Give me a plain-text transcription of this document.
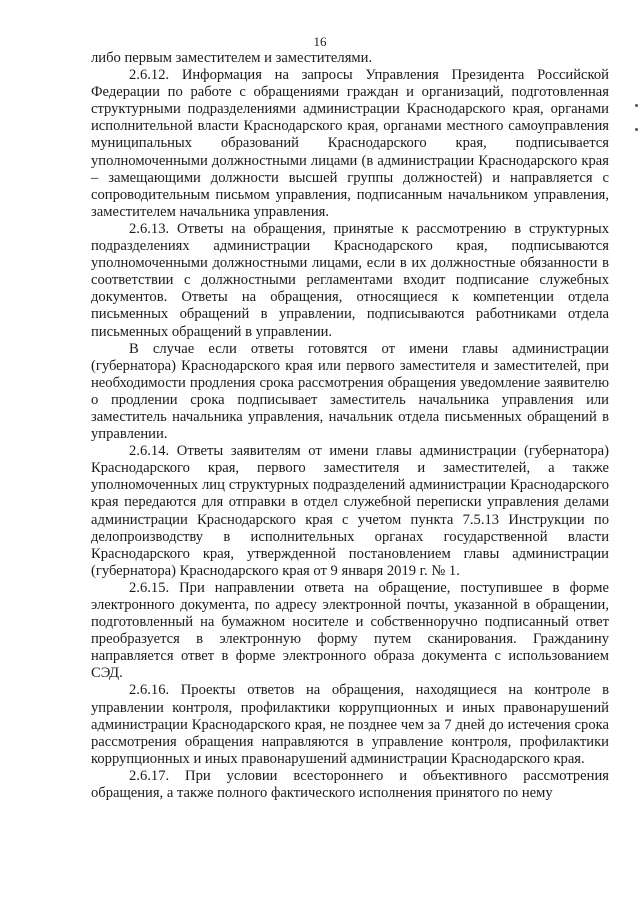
16

либо первым заместителем и заместителями.

2.6.12. Информация на запросы Управления Президента Российской Федерации по работе с обращениями граждан и организаций, подготовленная структурными подразделениями администрации Краснодарского края, органами исполнительной власти Краснодарского края, органами местного самоуправления муниципальных образований Краснодарского края, подписывается уполномоченными должностными лицами (в администрации Краснодарского края – замещающими должности высшей группы должностей) и направляется с сопроводительным письмом управления, подписанным начальником управления, заместителем начальника управления.

2.6.13. Ответы на обращения, принятые к рассмотрению в структурных подразделениях администрации Краснодарского края, подписываются уполномоченными должностными лицами, если в их должностные обязанности в соответствии с должностными регламентами входит подписание служебных документов. Ответы на обращения, относящиеся к компетенции отдела письменных обращений в управлении, подписываются работниками отдела письменных обращений в управлении.

В случае если ответы готовятся от имени главы администрации (губернатора) Краснодарского края или первого заместителя и заместителей, при необходимости продления срока рассмотрения обращения уведомление заявителю о продлении срока подписывает заместитель начальника управления или заместитель начальника управления, начальник отдела письменных обращений в управлении.

2.6.14. Ответы заявителям от имени главы администрации (губернатора) Краснодарского края, первого заместителя и заместителей, а также уполномоченных лиц структурных подразделений администрации Краснодарского края передаются для отправки в отдел служебной переписки управления делами администрации Краснодарского края с учетом пункта 7.5.13 Инструкции по делопроизводству в исполнительных органах государственной власти Краснодарского края, утвержденной постановлением главы администрации (губернатора) Краснодарского края от 9 января 2019 г. № 1.

2.6.15. При направлении ответа на обращение, поступившее в форме электронного документа, по адресу электронной почты, указанной в обращении, подготовленный на бумажном носителе и собственноручно подписанный ответ преобразуется в электронную форму путем сканирования. Гражданину направляется ответ в форме электронного образа документа с использованием СЭД.

2.6.16. Проекты ответов на обращения, находящиеся на контроле в управлении контроля, профилактики коррупционных и иных правонарушений администрации Краснодарского края, не позднее чем за 7 дней до истечения срока рассмотрения обращения направляются в управление контроля, профилактики коррупционных и иных правонарушений администрации Краснодарского края.

2.6.17. При условии всестороннего и объективного рассмотрения обращения, а также полного фактического исполнения принятого по нему
